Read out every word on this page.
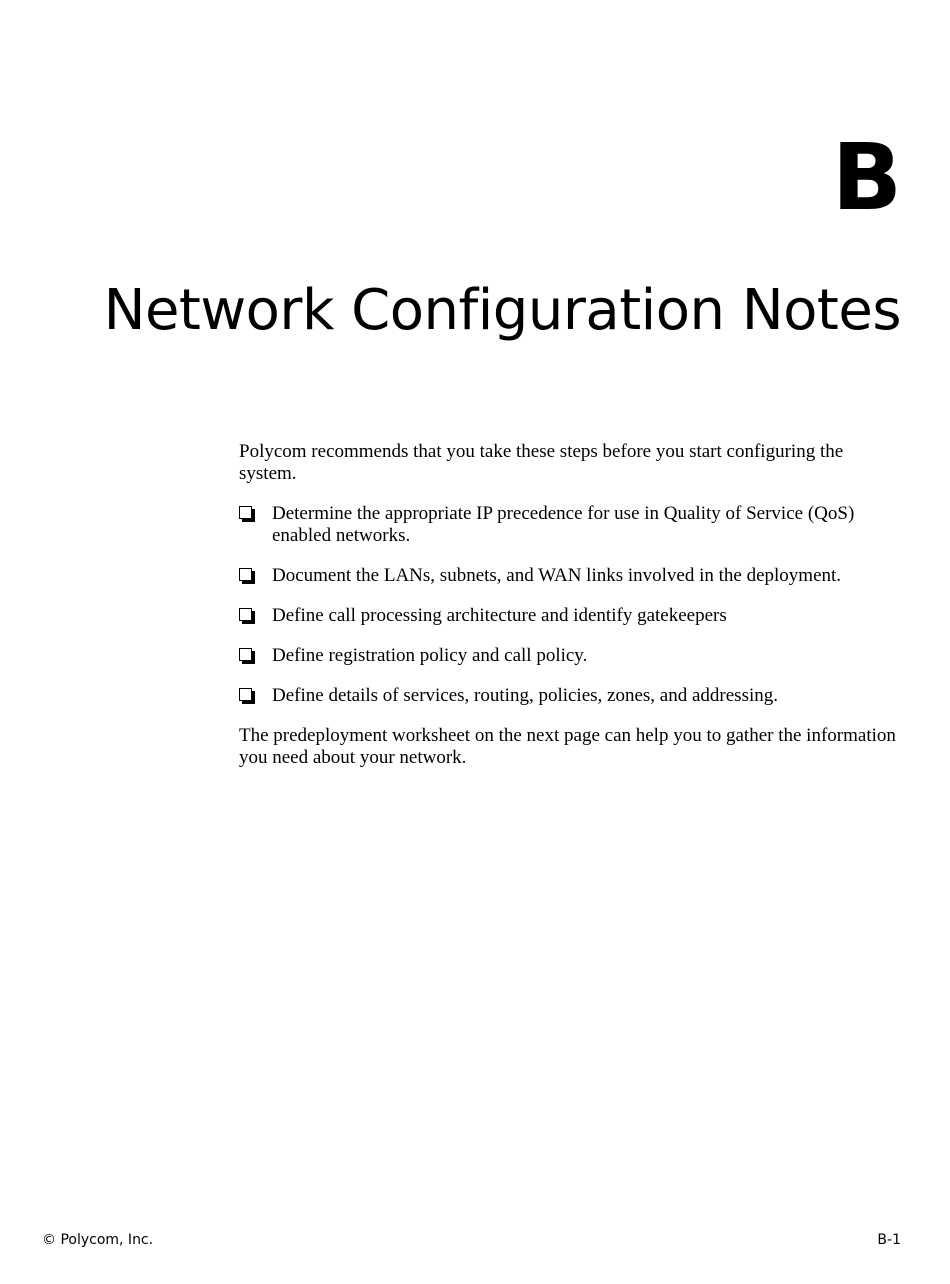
B
Network Configuration Notes

Polycom recommends that you take these steps before you start configuring the system.

Determine the appropriate IP precedence for use in Quality of Service (QoS) enabled networks.
Document the LANs, subnets, and WAN links involved in the deployment.
Define call processing architecture and identify gatekeepers
Define registration policy and call policy.
Define details of services, routing, policies, zones, and addressing.

The predeployment worksheet on the next page can help you to gather the information you need about your network.

© Polycom, Inc.	B-1
